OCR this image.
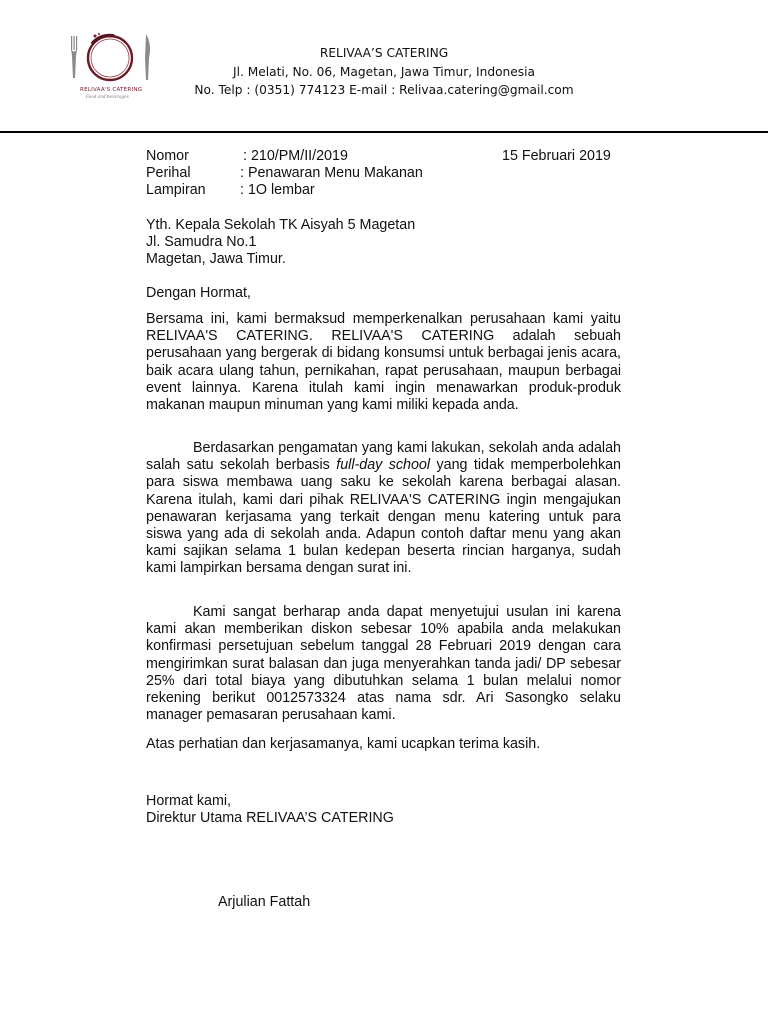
RELIVAA'S CATERING
Food and beverages
RELIVAA’S CATERING
Jl. Melati, No. 06, Magetan, Jawa Timur, Indonesia
No. Telp : (0351) 774123 E-mail : Relivaa.catering@gmail.com
Nomor	: 210/PM/II/2019
Perihal	: Penawaran Menu Makanan
Lampiran : 1O lembar
15 Februari 2019
Yth. Kepala Sekolah TK Aisyah 5 Magetan
Jl. Samudra No.1
Magetan, Jawa Timur.
Dengan Hormat,
Bersama ini, kami bermaksud memperkenalkan perusahaan kami yaitu RELIVAA'S CATERING. RELIVAA'S CATERING adalah sebuah perusahaan yang bergerak di bidang konsumsi untuk berbagai jenis acara, baik acara ulang tahun, pernikahan, rapat perusahaan, maupun berbagai event lainnya. Karena itulah kami ingin menawarkan produk-produk makanan maupun minuman yang kami miliki kepada anda.
Berdasarkan pengamatan yang kami lakukan, sekolah anda adalah salah satu sekolah berbasis full-day school yang tidak memperbolehkan para siswa membawa uang saku ke sekolah karena berbagai alasan. Karena itulah, kami dari pihak RELIVAA'S CATERING ingin mengajukan penawaran kerjasama yang terkait dengan menu katering untuk para siswa yang ada di sekolah anda. Adapun contoh daftar menu yang akan kami sajikan selama 1 bulan kedepan beserta rincian harganya, sudah kami lampirkan bersama dengan surat ini.
Kami sangat berharap anda dapat menyetujui usulan ini karena kami akan memberikan diskon sebesar 10% apabila anda melakukan konfirmasi persetujuan sebelum tanggal 28 Februari 2019 dengan cara mengirimkan surat balasan dan juga menyerahkan tanda jadi/ DP sebesar 25% dari total biaya yang dibutuhkan selama 1 bulan melalui nomor rekening berikut 0012573324 atas nama sdr. Ari Sasongko selaku manager pemasaran perusahaan kami.
Atas perhatian dan kerjasamanya, kami ucapkan terima kasih.
Hormat kami,
Direktur Utama RELIVAA’S CATERING
Arjulian Fattah
